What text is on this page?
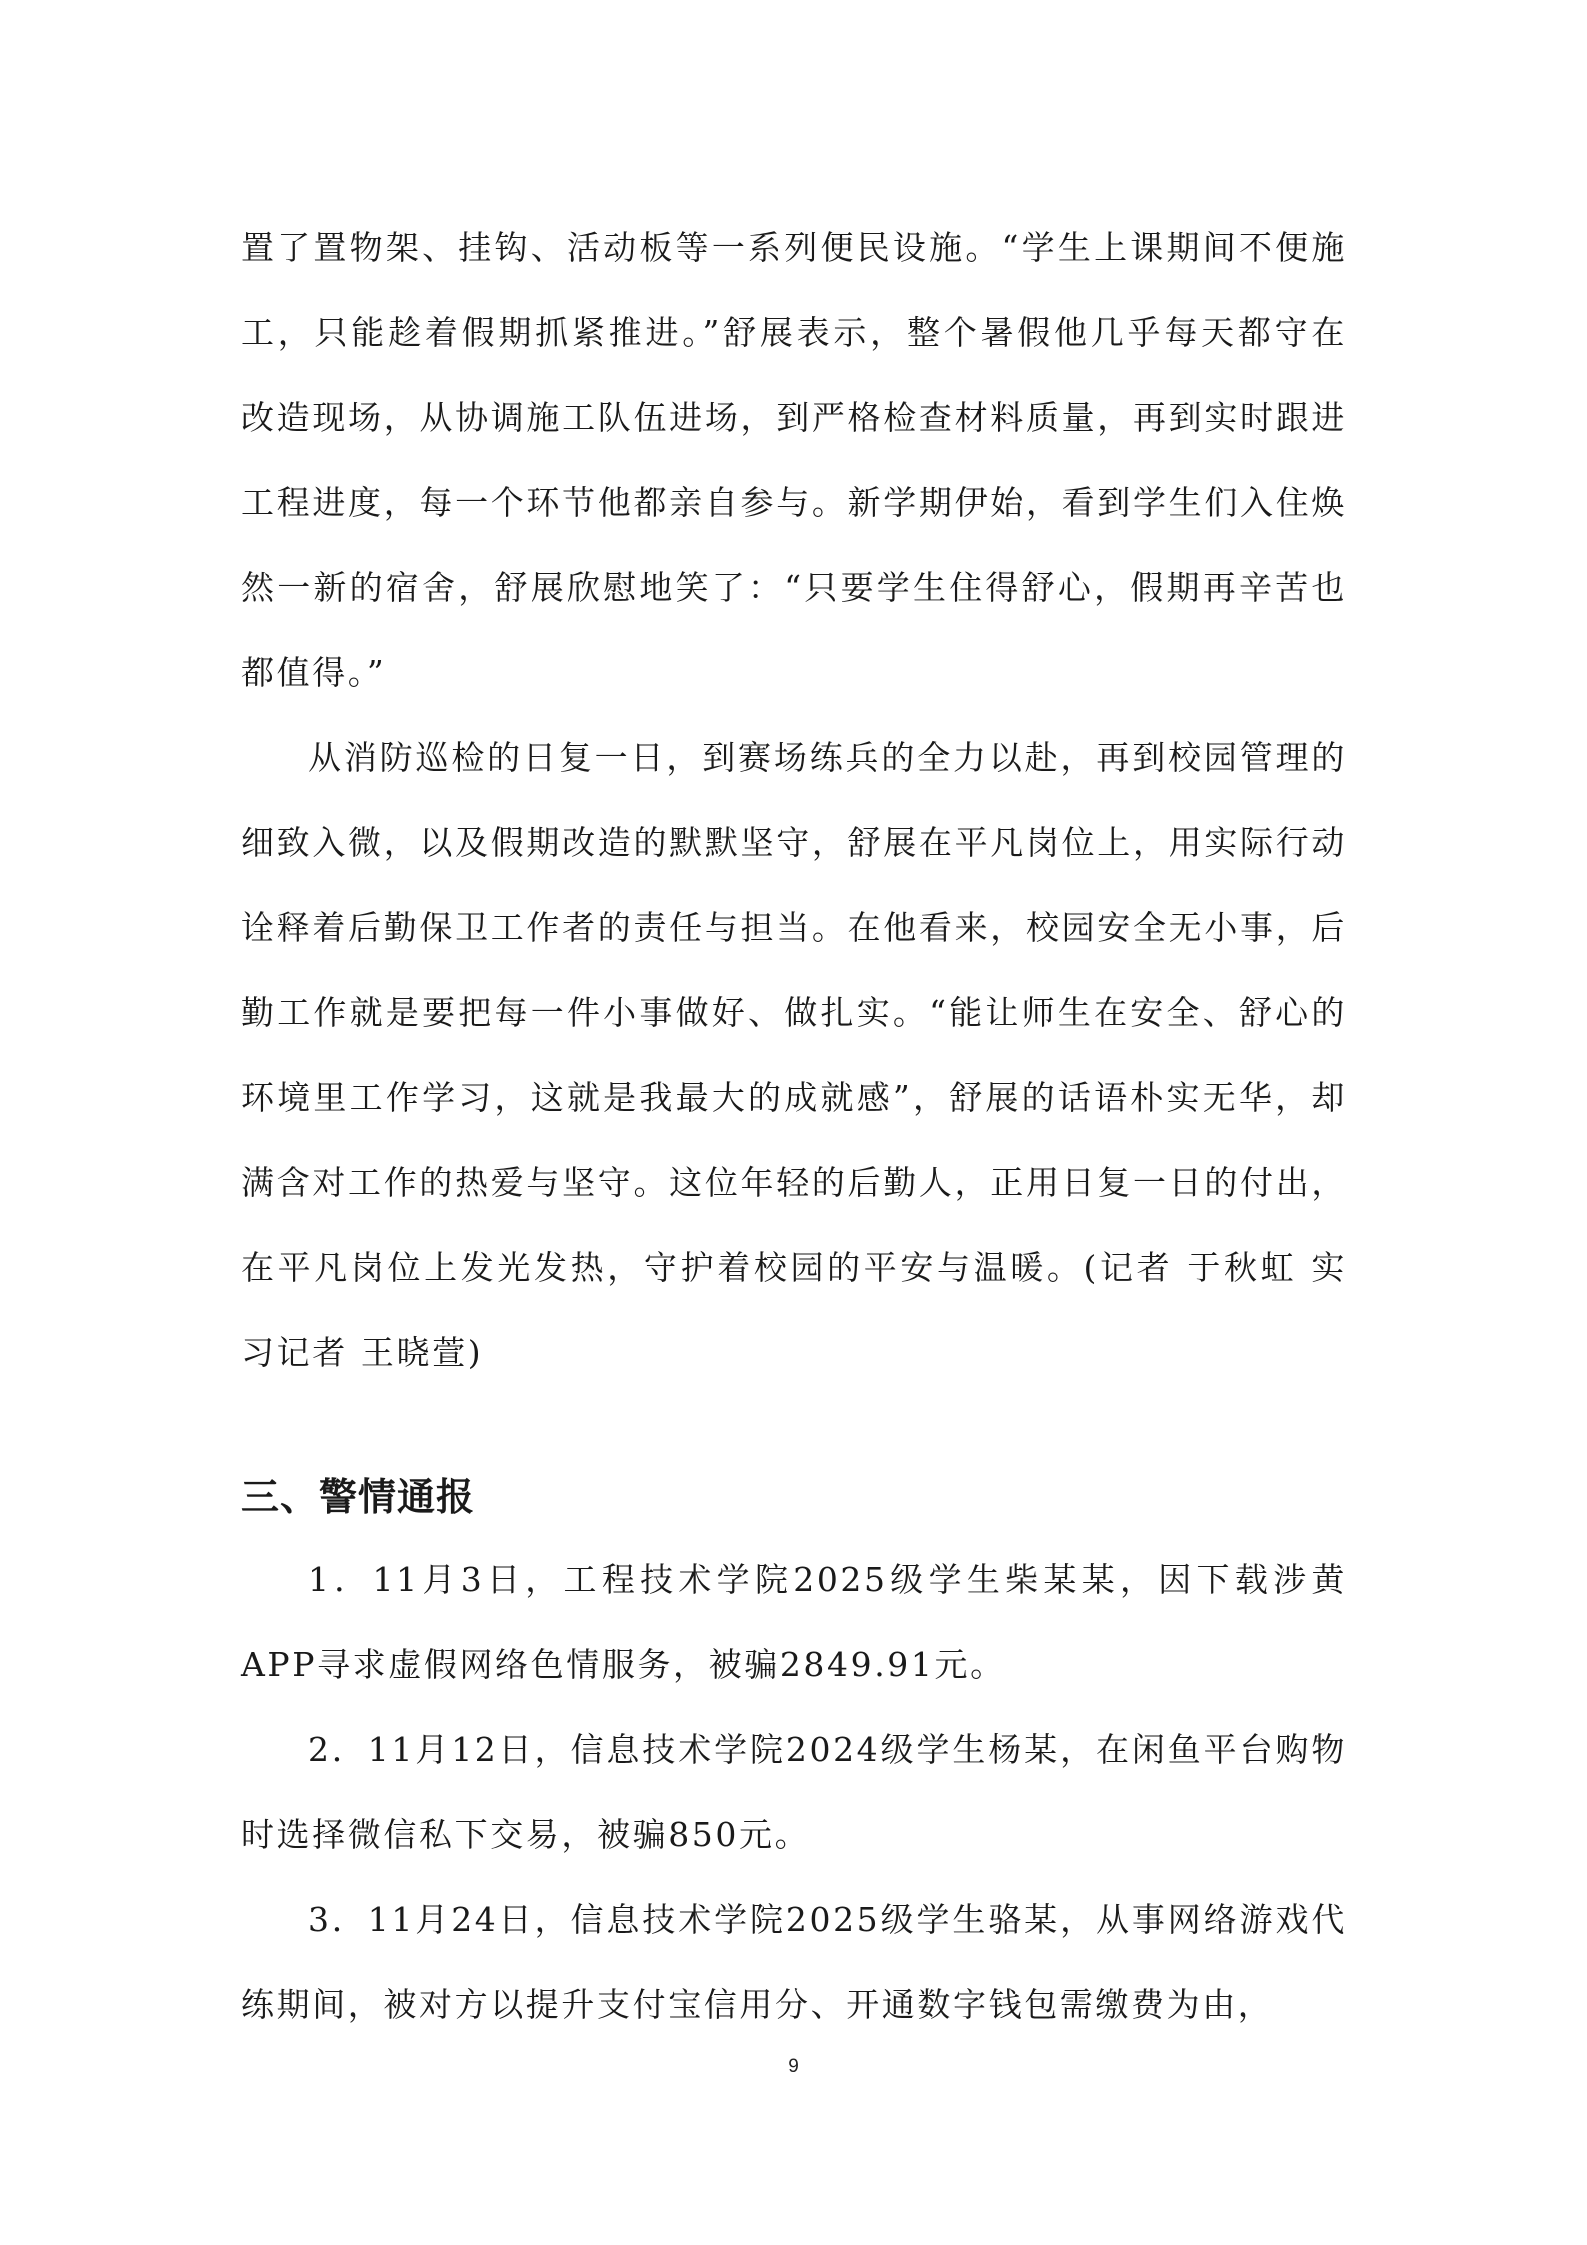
置了置物架、挂钩、活动板等一系列便民设施。“学生上课期间不便施工，只能趁着假期抓紧推进。”舒展表示，整个暑假他几乎每天都守在改造现场，从协调施工队伍进场，到严格检查材料质量，再到实时跟进工程进度，每一个环节他都亲自参与。新学期伊始，看到学生们入住焕然一新的宿舍，舒展欣慰地笑了：“只要学生住得舒心，假期再辛苦也都值得。”

从消防巡检的日复一日，到赛场练兵的全力以赴，再到校园管理的细致入微，以及假期改造的默默坚守，舒展在平凡岗位上，用实际行动诠释着后勤保卫工作者的责任与担当。在他看来，校园安全无小事，后勤工作就是要把每一件小事做好、做扎实。“能让师生在安全、舒心的环境里工作学习，这就是我最大的成就感”，舒展的话语朴实无华，却满含对工作的热爱与坚守。这位年轻的后勤人，正用日复一日的付出，在平凡岗位上发光发热，守护着校园的平安与温暖。(记者 于秋虹 实习记者 王晓萱)

三、警情通报

1．11月3日，工程技术学院2025级学生柴某某，因下载涉黄APP寻求虚假网络色情服务，被骗2849.91元。

2．11月12日，信息技术学院2024级学生杨某，在闲鱼平台购物时选择微信私下交易，被骗850元。

3．11月24日，信息技术学院2025级学生骆某，从事网络游戏代练期间，被对方以提升支付宝信用分、开通数字钱包需缴费为由，

9
